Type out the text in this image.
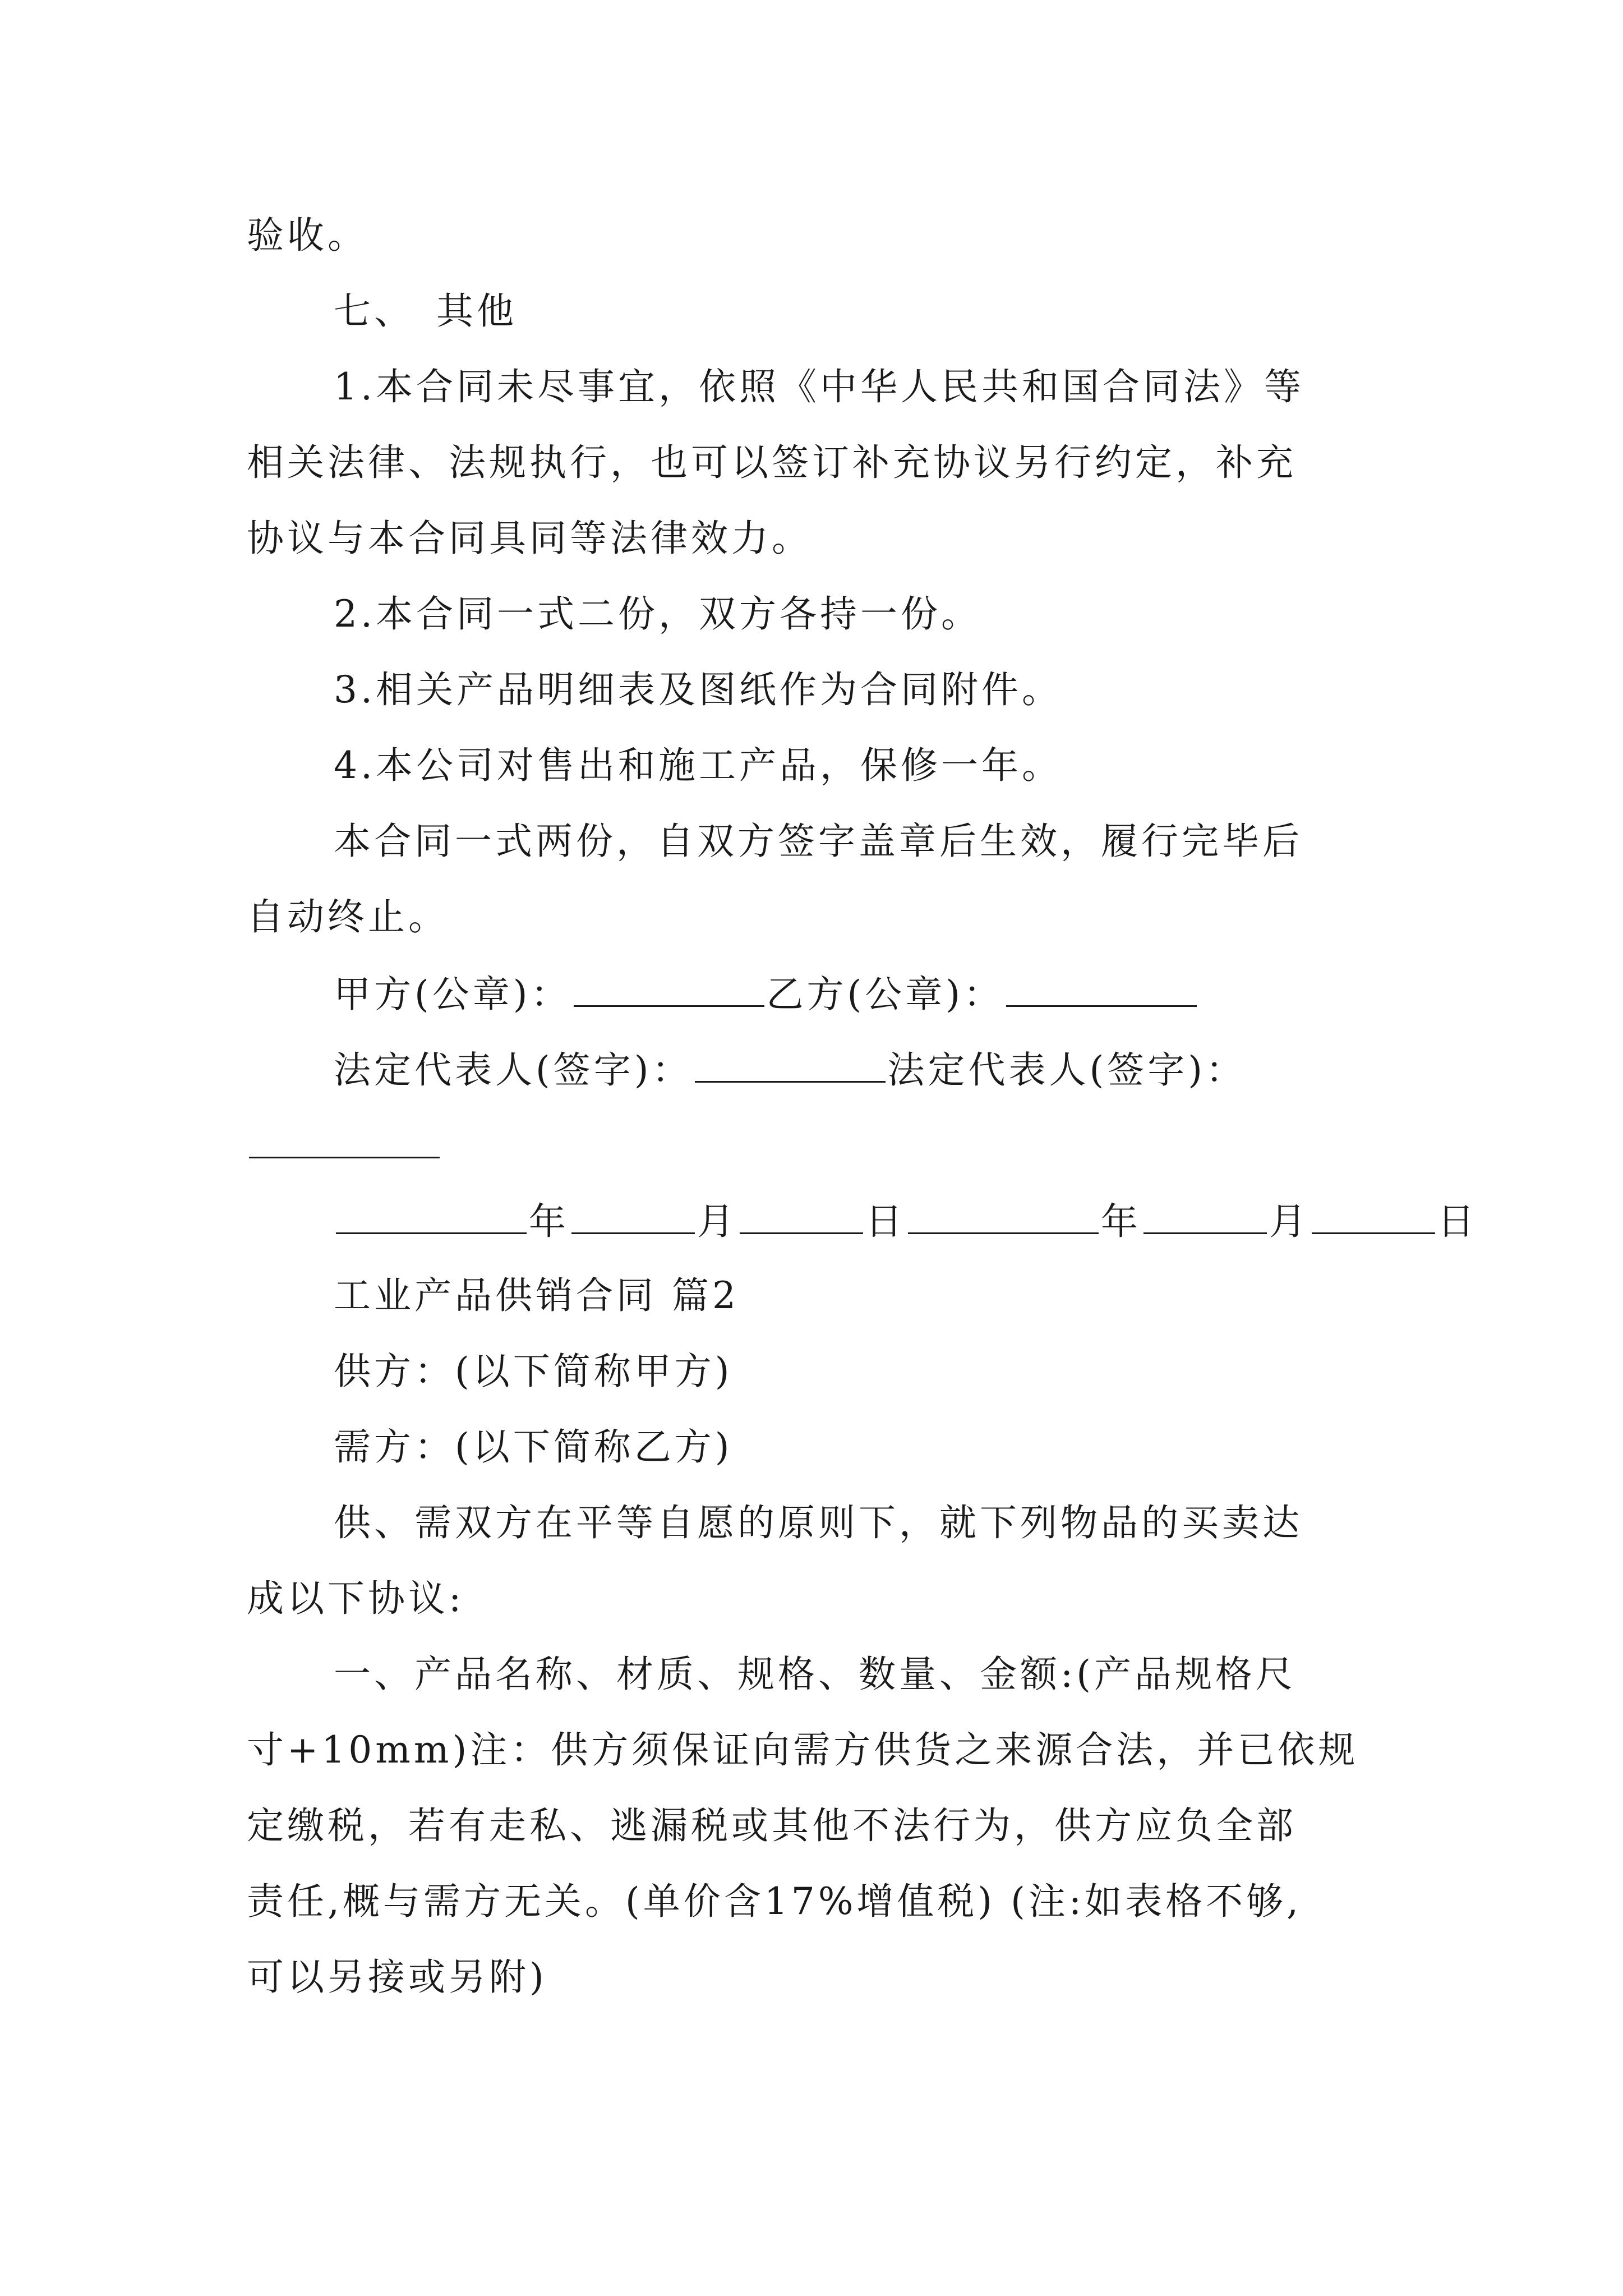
验收。
七、　其他
1.本合同未尽事宜，依照《中华人民共和国合同法》等
相关法律、法规执行，也可以签订补充协议另行约定，补充
协议与本合同具同等法律效力。
2.本合同一式二份，双方各持一份。
3.相关产品明细表及图纸作为合同附件。
4.本公司对售出和施工产品，保修一年。
本合同一式两份，自双方签字盖章后生效，履行完毕后
自动终止。
甲方(公章)：	乙方(公章)：
法定代表人(签字)：	法定代表人(签字)：
年	月	日	年	月	日
工业产品供销合同 篇2
供方：(以下简称甲方)
需方：(以下简称乙方)
供、需双方在平等自愿的原则下，就下列物品的买卖达
成以下协议:
一、产品名称、材质、规格、数量、金额:(产品规格尺
寸+10mm)注：供方须保证向需方供货之来源合法，并已依规
定缴税，若有走私、逃漏税或其他不法行为，供方应负全部
责任,概与需方无关。(单价含17%增值税) (注:如表格不够,
可以另接或另附)
